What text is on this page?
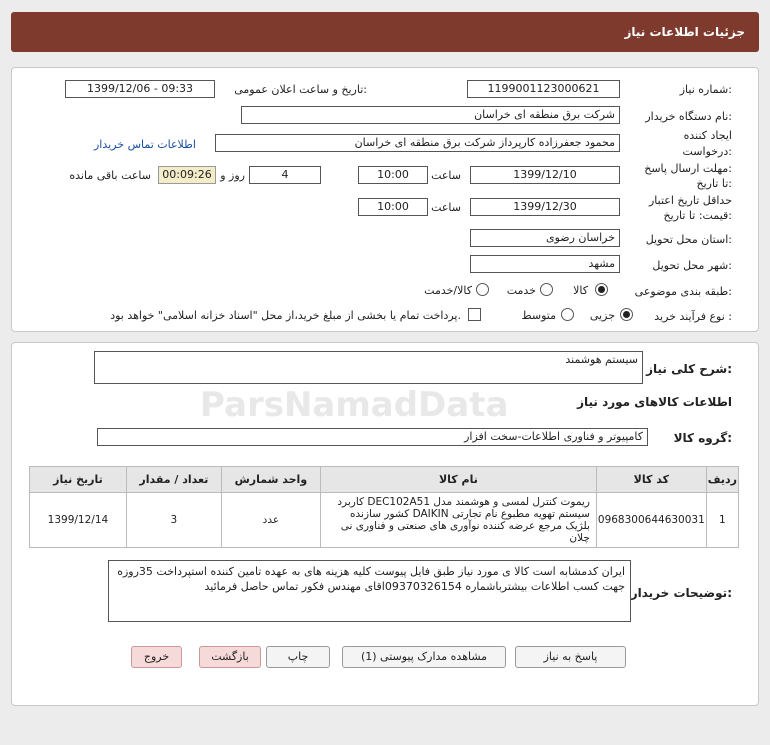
جزئیات اطلاعات نیاز
شماره نیاز:
1199001123000621
تاریخ و ساعت اعلان عمومی:
1399/12/06 - 09:33
نام دستگاه خریدار:
شرکت برق منطقه ای خراسان
ایجاد کننده
درخواست:
محمود جعفرزاده کارپرداز شرکت برق منطقه ای خراسان
اطلاعات تماس خریدار
مهلت ارسال پاسخ:
تا تاریخ:
1399/12/10
ساعت
10:00
4
روز و
00:09:26
ساعت باقی مانده
حداقل تاریخ اعتبار
قیمت: تا تاریخ:
1399/12/30
ساعت
10:00
استان محل تحویل:
خراسان رضوی
شهر محل تحویل:
مشهد
طبقه بندی موضوعی:
کالا
خدمت
کالا/خدمت
نوع فرآیند خرید :
جزیی
متوسط
پرداخت تمام یا بخشی از مبلغ خرید،از محل "اسناد خزانه اسلامی" خواهد بود.
شرح کلی نیاز:
سیستم هوشمند
اطلاعات کالاهای مورد نیاز
گروه کالا:
کامپیوتر و فناوری اطلاعات-سخت افزار
ردیف	کد کالا	نام کالا	واحد شمارش	تعداد / مقدار	تاریخ نیاز
1	0968300644630031	ریموت کنترل لمسی و هوشمند مدل DEC102A51 کاربرد سیستم تهویه مطبوع نام تجارتی DAIKIN کشور سازنده بلژیک مرجع عرضه کننده نوآوری های صنعتی و فناوری نی چلان	عدد	3	1399/12/14
توضیحات خریدار:
ایران کدمشابه است کالا ی مورد نیاز طبق فایل پیوست کلیه هزینه های به عهده تامین کننده استپرداخت 35روزه جهت کسب اطلاعات بیشترباشماره 09370326154اقای مهندس فکور تماس حاصل فرمائید
ParsNamadData
پاسخ به نیاز
مشاهده مدارک پیوستی (1)
چاپ
بازگشت
خروج
